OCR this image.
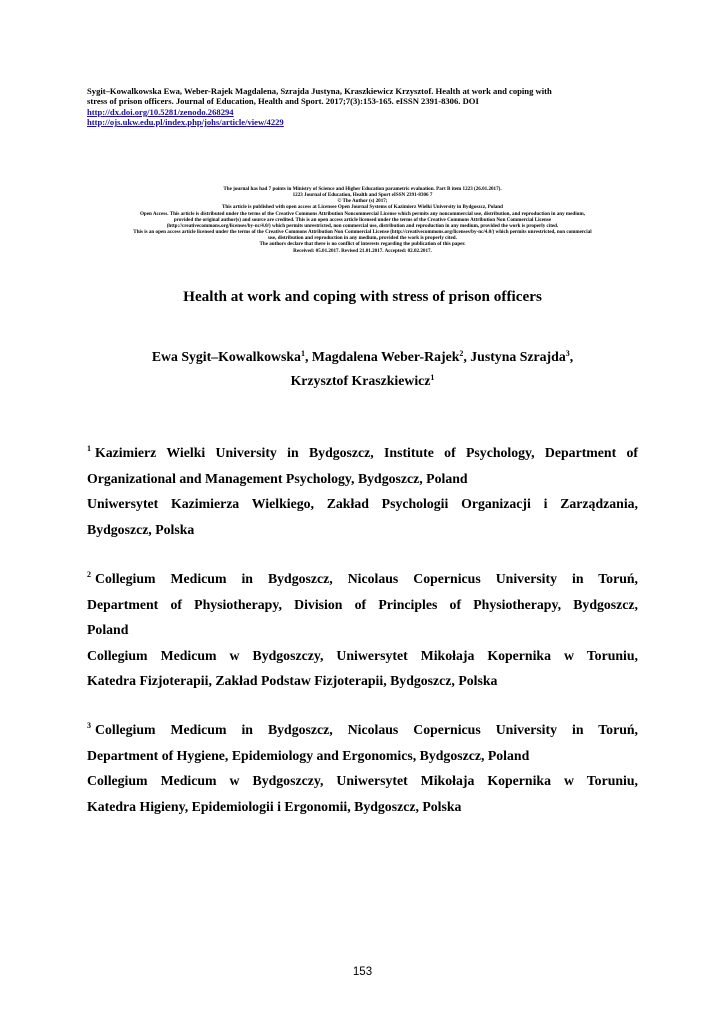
Sygit–Kowalkowska Ewa, Weber-Rajek Magdalena, Szrajda Justyna, Kraszkiewicz Krzysztof. Health at work and coping with
stress of prison officers. Journal of Education, Health and Sport. 2017;7(3):153-165. eISSN 2391-8306. DOI
http://dx.doi.org/10.5281/zenodo.268294
http://ojs.ukw.edu.pl/index.php/johs/article/view/4229
The journal has had 7 points in Ministry of Science and Higher Education parametric evaluation. Part B item 1223 (26.01.2017).
1223 Journal of Education, Health and Sport eISSN 2391-8306 7
© The Author (s) 2017;
This article is published with open access at Licensee Open Journal Systems of Kazimierz Wielki University in Bydgoszcz, Poland
Open Access. This article is distributed under the terms of the Creative Commons Attribution Noncommercial License which permits any noncommercial use, distribution, and reproduction in any medium,
provided the original author(s) and source are credited. This is an open access article licensed under the terms of the Creative Commons Attribution Non Commercial License
(http://creativecommons.org/licenses/by-nc/4.0/) which permits unrestricted, non commercial use, distribution and reproduction in any medium, provided the work is properly cited.
This is an open access article licensed under the terms of the Creative Commons Attribution Non Commercial License (http://creativecommons.org/licenses/by-nc/4.0/) which permits unrestricted, non commercial
use, distribution and reproduction in any medium, provided the work is properly cited.
The authors declare that there is no conflict of interests regarding the publication of this paper.
Received: 05.01.2017. Revised 21.01.2017. Accepted: 02.02.2017.
Health at work and coping with stress of prison officers
Ewa Sygit–Kowalkowska$^1$, Magdalena Weber-Rajek$^2$, Justyna Szrajda$^3$,
Krzysztof Kraszkiewicz$^1$
$^1$ Kazimierz Wielki University in Bydgoszcz, Institute of Psychology, Department of
Organizational and Management Psychology, Bydgoszcz, Poland
Uniwersytet Kazimierza Wielkiego, Zakład Psychologii Organizacji i Zarządzania,
Bydgoszcz, Polska
$^2$ Collegium Medicum in Bydgoszcz, Nicolaus Copernicus University in Toruń,
Department of Physiotherapy, Division of Principles of Physiotherapy, Bydgoszcz,
Poland
Collegium Medicum w Bydgoszczy, Uniwersytet Mikołaja Kopernika w Toruniu,
Katedra Fizjoterapii, Zakład Podstaw Fizjoterapii, Bydgoszcz, Polska
$^3$ Collegium Medicum in Bydgoszcz, Nicolaus Copernicus University in Toruń,
Department of Hygiene, Epidemiology and Ergonomics, Bydgoszcz, Poland
Collegium Medicum w Bydgoszczy, Uniwersytet Mikołaja Kopernika w Toruniu,
Katedra Higieny, Epidemiologii i Ergonomii, Bydgoszcz, Polska
153
